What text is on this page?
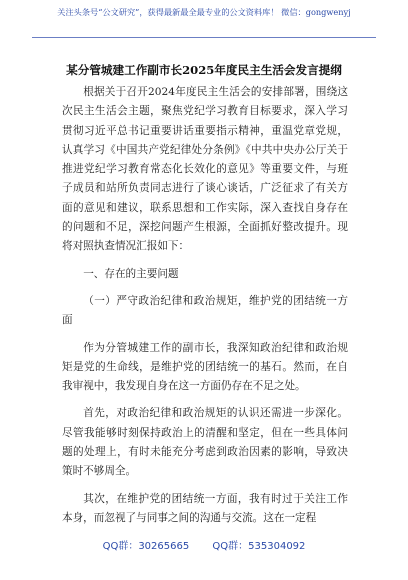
关注头条号“公文研究”，获得最新最全最专业的公文资料库！ 微信：gongwenyj
某分管城建工作副市长2025年度民主生活会发言提纲

根据关于召开2024年度民主生活会的安排部署，围绕这次民主生活会主题，聚焦党纪学习教育目标要求，深入学习贯彻习近平总书记重要讲话重要指示精神，重温党章党规，认真学习《中国共产党纪律处分条例》《中共中央办公厅关于推进党纪学习教育常态化长效化的意见》等重要文件，与班子成员和站所负责同志进行了谈心谈话，广泛征求了有关方面的意见和建议，联系思想和工作实际，深入查找自身存在的问题和不足，深挖问题产生根源，全面抓好整改提升。现将对照执查情况汇报如下：

一、存在的主要问题

（一）严守政治纪律和政治规矩，维护党的团结统一方面

作为分管城建工作的副市长，我深知政治纪律和政治规矩是党的生命线，是维护党的团结统一的基石。然而，在自我审视中，我发现自身在这一方面仍存在不足之处。

首先，对政治纪律和政治规矩的认识还需进一步深化。尽管我能够时刻保持政治上的清醒和坚定，但在一些具体问题的处理上，有时未能充分考虑到政治因素的影响，导致决策时不够周全。

其次，在维护党的团结统一方面，我有时过于关注工作本身，而忽视了与同事之间的沟通与交流。这在一定程

QQ群：30265665 QQ群：535304092
